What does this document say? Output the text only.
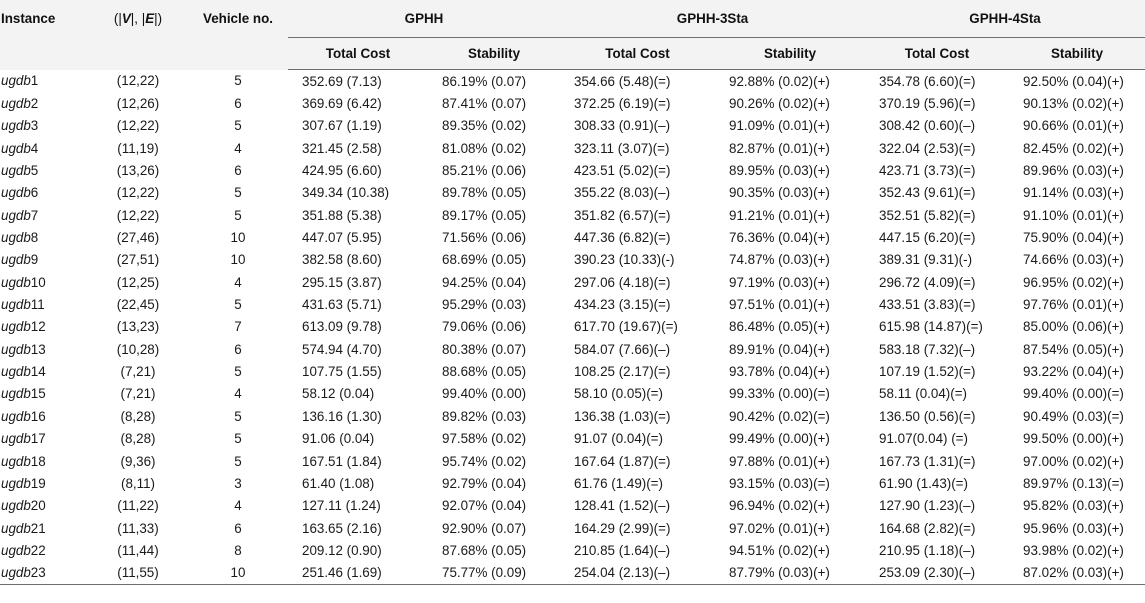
Instance	(|V|, |E|)	Vehicle no.	GPHH		GPHH-3Sta		GPHH-4Sta	
			Total Cost	Stability	Total Cost	Stability	Total Cost	Stability
ugdb1	(12,22)	5	352.69 (7.13)	86.19% (0.07)	354.66 (5.48)(=)	92.88% (0.02)(+)	354.78 (6.60)(=)	92.50% (0.04)(+)
ugdb2	(12,26)	6	369.69 (6.42)	87.41% (0.07)	372.25 (6.19)(=)	90.26% (0.02)(+)	370.19 (5.96)(=)	90.13% (0.02)(+)
ugdb3	(12,22)	5	307.67 (1.19)	89.35% (0.02)	308.33 (0.91)(–)	91.09% (0.01)(+)	308.42 (0.60)(–)	90.66% (0.01)(+)
ugdb4	(11,19)	4	321.45 (2.58)	81.08% (0.02)	323.11 (3.07)(=)	82.87% (0.01)(+)	322.04 (2.53)(=)	82.45% (0.02)(+)
ugdb5	(13,26)	6	424.95 (6.60)	85.21% (0.06)	423.51 (5.02)(=)	89.95% (0.03)(+)	423.71 (3.73)(=)	89.96% (0.03)(+)
ugdb6	(12,22)	5	349.34 (10.38)	89.78% (0.05)	355.22 (8.03)(–)	90.35% (0.03)(+)	352.43 (9.61)(=)	91.14% (0.03)(+)
ugdb7	(12,22)	5	351.88 (5.38)	89.17% (0.05)	351.82 (6.57)(=)	91.21% (0.01)(+)	352.51 (5.82)(=)	91.10% (0.01)(+)
ugdb8	(27,46)	10	447.07 (5.95)	71.56% (0.06)	447.36 (6.82)(=)	76.36% (0.04)(+)	447.15 (6.20)(=)	75.90% (0.04)(+)
ugdb9	(27,51)	10	382.58 (8.60)	68.69% (0.05)	390.23 (10.33)(-)	74.87% (0.03)(+)	389.31 (9.31)(-)	74.66% (0.03)(+)
ugdb10	(12,25)	4	295.15 (3.87)	94.25% (0.04)	297.06 (4.18)(=)	97.19% (0.03)(+)	296.72 (4.09)(=)	96.95% (0.02)(+)
ugdb11	(22,45)	5	431.63 (5.71)	95.29% (0.03)	434.23 (3.15)(=)	97.51% (0.01)(+)	433.51 (3.83)(=)	97.76% (0.01)(+)
ugdb12	(13,23)	7	613.09 (9.78)	79.06% (0.06)	617.70 (19.67)(=)	86.48% (0.05)(+)	615.98 (14.87)(=)	85.00% (0.06)(+)
ugdb13	(10,28)	6	574.94 (4.70)	80.38% (0.07)	584.07 (7.66)(–)	89.91% (0.04)(+)	583.18 (7.32)(–)	87.54% (0.05)(+)
ugdb14	(7,21)	5	107.75 (1.55)	88.68% (0.05)	108.25 (2.17)(=)	93.78% (0.04)(+)	107.19 (1.52)(=)	93.22% (0.04)(+)
ugdb15	(7,21)	4	58.12 (0.04)	99.40% (0.00)	58.10 (0.05)(=)	99.33% (0.00)(=)	58.11 (0.04)(=)	99.40% (0.00)(=)
ugdb16	(8,28)	5	136.16 (1.30)	89.82% (0.03)	136.38 (1.03)(=)	90.42% (0.02)(=)	136.50 (0.56)(=)	90.49% (0.03)(=)
ugdb17	(8,28)	5	91.06 (0.04)	97.58% (0.02)	91.07 (0.04)(=)	99.49% (0.00)(+)	91.07(0.04) (=)	99.50% (0.00)(+)
ugdb18	(9,36)	5	167.51 (1.84)	95.74% (0.02)	167.64 (1.87)(=)	97.88% (0.01)(+)	167.73 (1.31)(=)	97.00% (0.02)(+)
ugdb19	(8,11)	3	61.40 (1.08)	92.79% (0.04)	61.76 (1.49)(=)	93.15% (0.03)(=)	61.90 (1.43)(=)	89.97% (0.13)(=)
ugdb20	(11,22)	4	127.11 (1.24)	92.07% (0.04)	128.41 (1.52)(–)	96.94% (0.02)(+)	127.90 (1.23)(–)	95.82% (0.03)(+)
ugdb21	(11,33)	6	163.65 (2.16)	92.90% (0.07)	164.29 (2.99)(=)	97.02% (0.01)(+)	164.68 (2.82)(=)	95.96% (0.03)(+)
ugdb22	(11,44)	8	209.12 (0.90)	87.68% (0.05)	210.85 (1.64)(–)	94.51% (0.02)(+)	210.95 (1.18)(–)	93.98% (0.02)(+)
ugdb23	(11,55)	10	251.46 (1.69)	75.77% (0.09)	254.04 (2.13)(–)	87.79% (0.03)(+)	253.09 (2.30)(–)	87.02% (0.03)(+)
